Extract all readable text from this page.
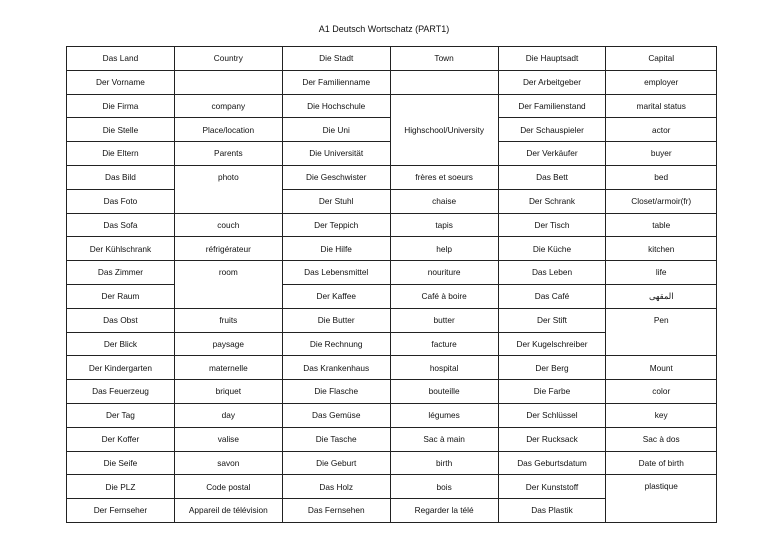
A1 Deutsch Wortschatz (PART1)
Das Land	Country	Die Stadt	Town	Die Hauptsadt	Capital
Der Vorname		Der Familienname		Der Arbeitgeber	employer
Die Firma	company	Die Hochschule	Highschool/University	Der Familienstand	marital status
Die Stelle	Place/location	Die Uni		Der Schauspieler	actor
Die Eltern	Parents	Die Universität		Der Verkäufer	buyer
Das Bild	photo	Die Geschwister	frères et soeurs	Das Bett	bed
Das Foto		Der Stuhl	chaise	Der Schrank	Closet/armoir(fr)
Das Sofa	couch	Der Teppich	tapis	Der Tisch	table
Der Kühlschrank	réfrigérateur	Die Hilfe	help	Die Küche	kitchen
Das Zimmer	room	Das Lebensmittel	nouriture	Das Leben	life
Der Raum		Der Kaffee	Café à boire	Das Café	المقهى
Das Obst	fruits	Die Butter	butter	Der Stift	Pen
Der Blick	paysage	Die Rechnung	facture	Der Kugelschreiber	
Der Kindergarten	maternelle	Das Krankenhaus	hospital	Der Berg	Mount
Das Feuerzeug	briquet	Die Flasche	bouteille	Die Farbe	color
Der Tag	day	Das Gemüse	légumes	Der Schlüssel	key
Der Koffer	valise	Die Tasche	Sac à main	Der Rucksack	Sac à dos
Die Seife	savon	Die Geburt	birth	Das Geburtsdatum	Date of birth
Die PLZ	Code postal	Das Holz	bois	Der Kunststoff	plastique
Der Fernseher	Appareil de télévision	Das Fernsehen	Regarder la télé	Das Plastik	
